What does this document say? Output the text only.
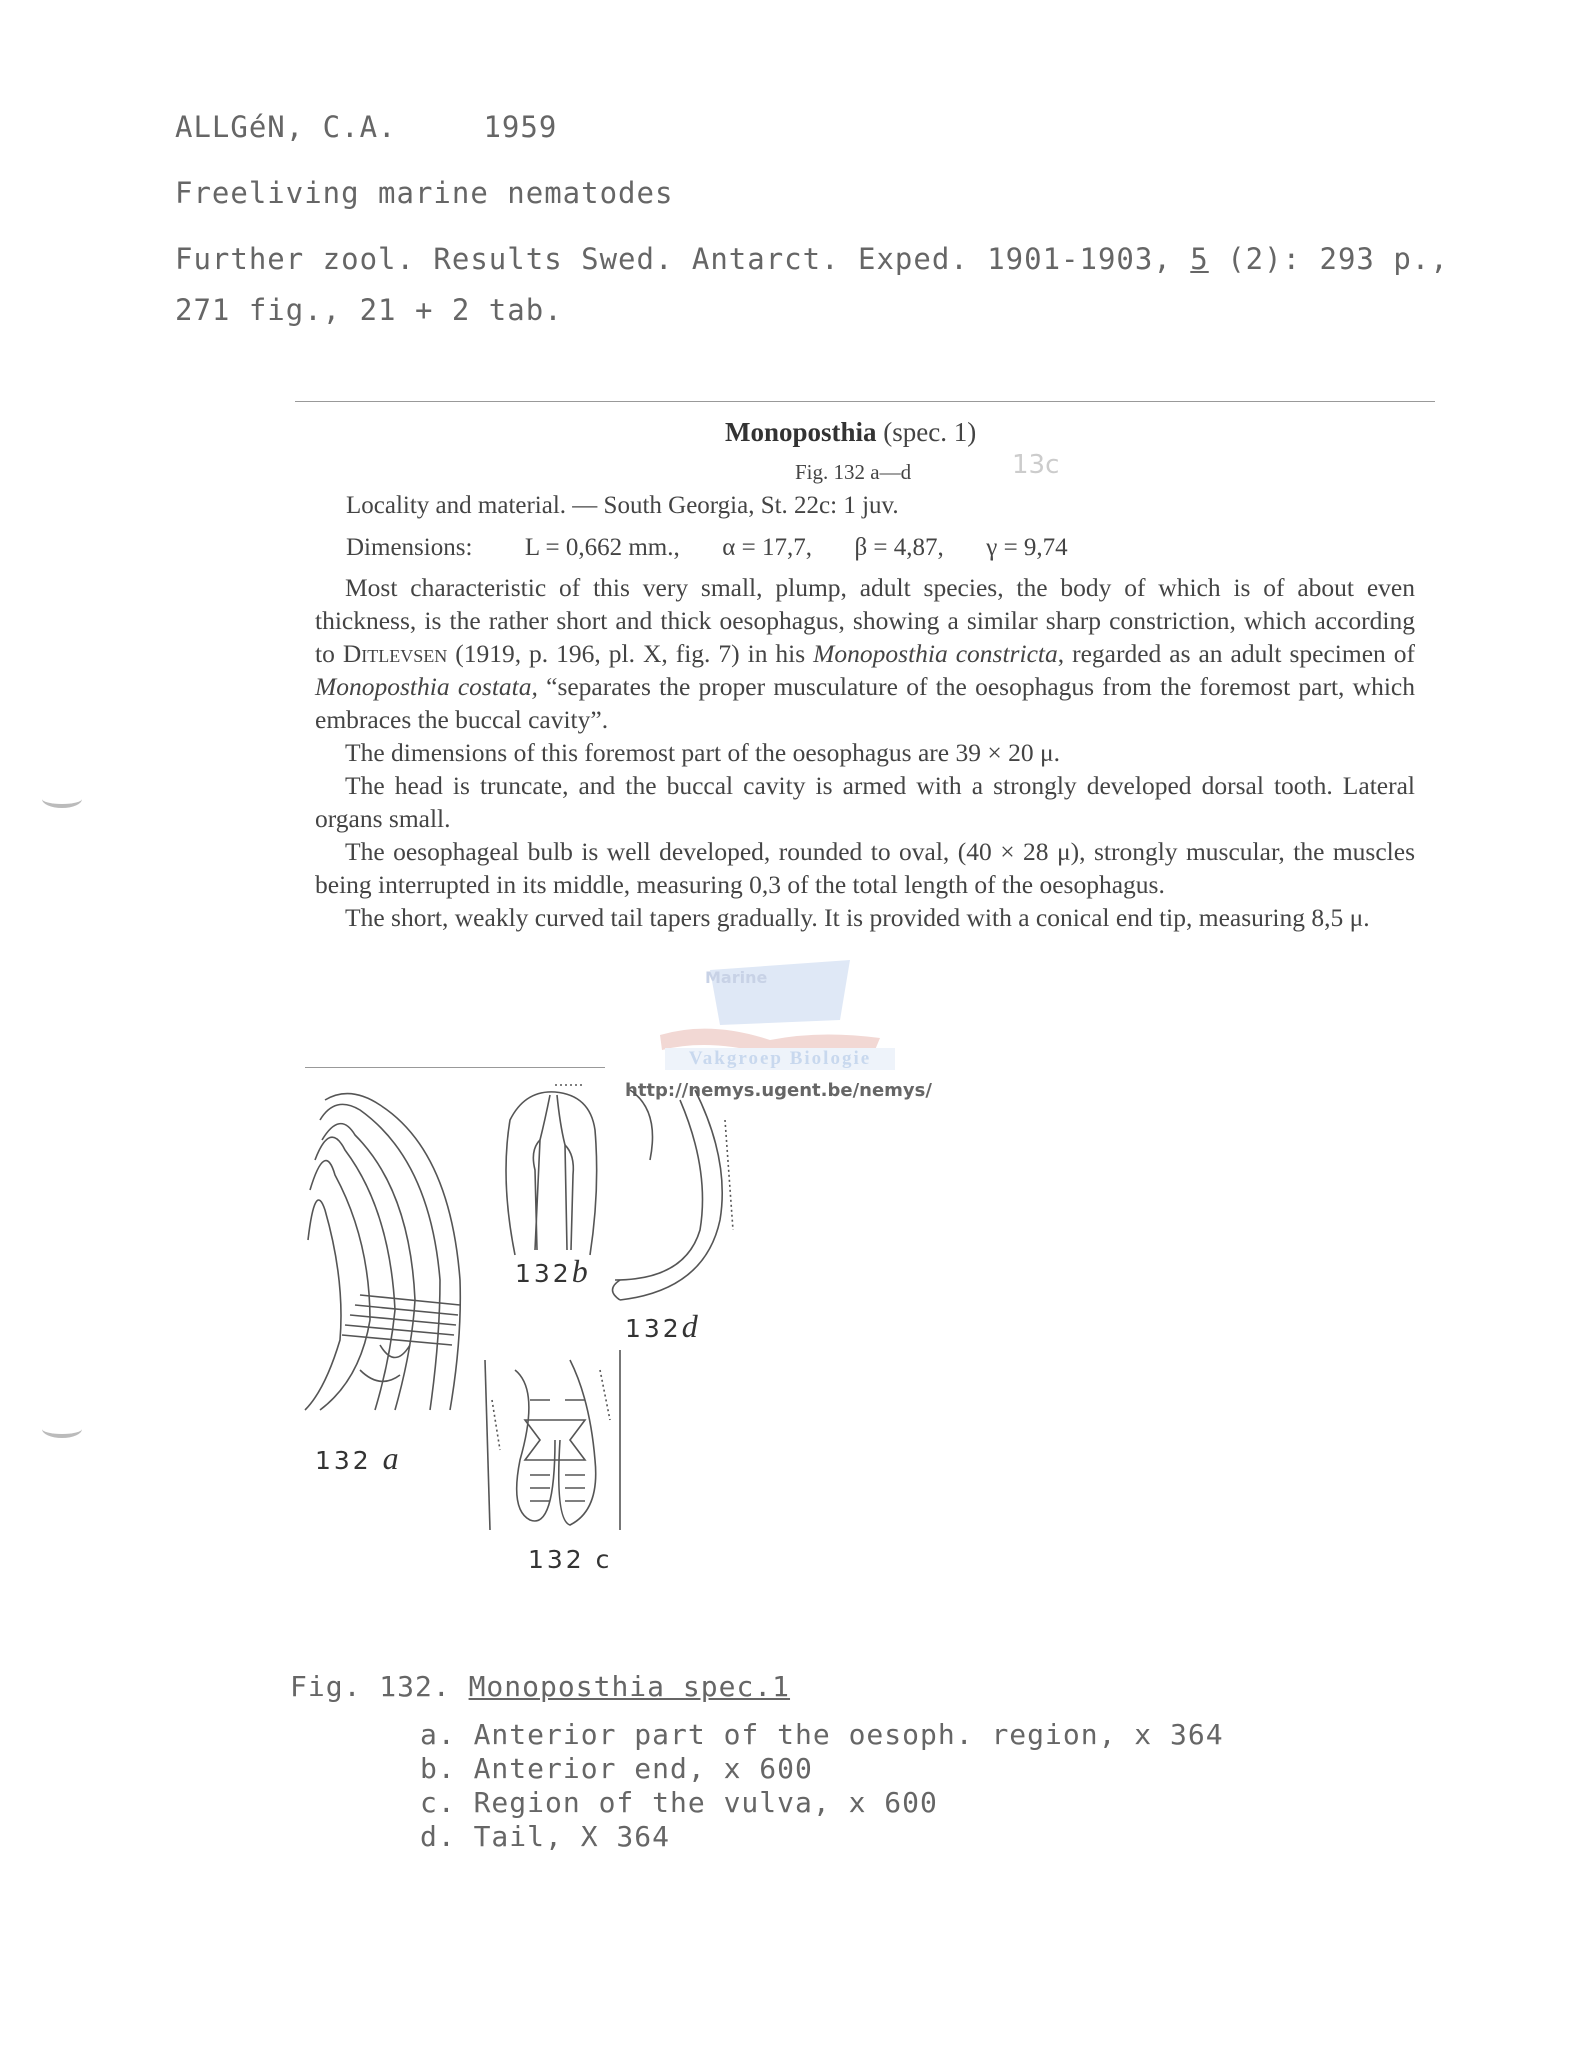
ALLGéN, C.A.	1959
Freeliving marine nematodes
Further zool. Results Swed. Antarct. Exped. 1901-1903, 5 (2): 293 p.,
271 fig., 21 + 2 tab.
Monoposthia (spec. 1)
Fig. 132 a—d	13c
Locality and material. — South Georgia, St. 22c: 1 juv.
Dimensions: L = 0,662 mm., α = 17,7, β = 4,87, γ = 9,74

Most characteristic of this very small, plump, adult species, the body of which is of about even thickness, is the rather short and thick oesophagus, showing a similar sharp constriction, which according to Ditlevsen (1919, p. 196, pl. X, fig. 7) in his Monoposthia constricta, regarded as an adult specimen of Monoposthia costata, “separates the proper musculature of the oesophagus from the foremost part, which embraces the buccal cavity”.

The dimensions of this foremost part of the oesophagus are 39 × 20 μ.

The head is truncate, and the buccal cavity is armed with a strongly developed dorsal tooth. Lateral organs small.

The oesophageal bulb is well developed, rounded to oval, (40 × 28 μ), strongly muscular, the muscles being interrupted in its middle, measuring 0,3 of the total length of the oesophagus.

The short, weakly curved tail tapers gradually. It is provided with a conical end tip, measuring 8,5 μ.

Vakgroep Biologie
http://nemys.ugent.be/nemys/
Marine
132b
132d
132 a
132 c
Fig. 132. Monoposthia spec.1
a. Anterior part of the oesoph. region, x 364
b. Anterior end, x 600
c. Region of the vulva, x 600
d. Tail, X 364
